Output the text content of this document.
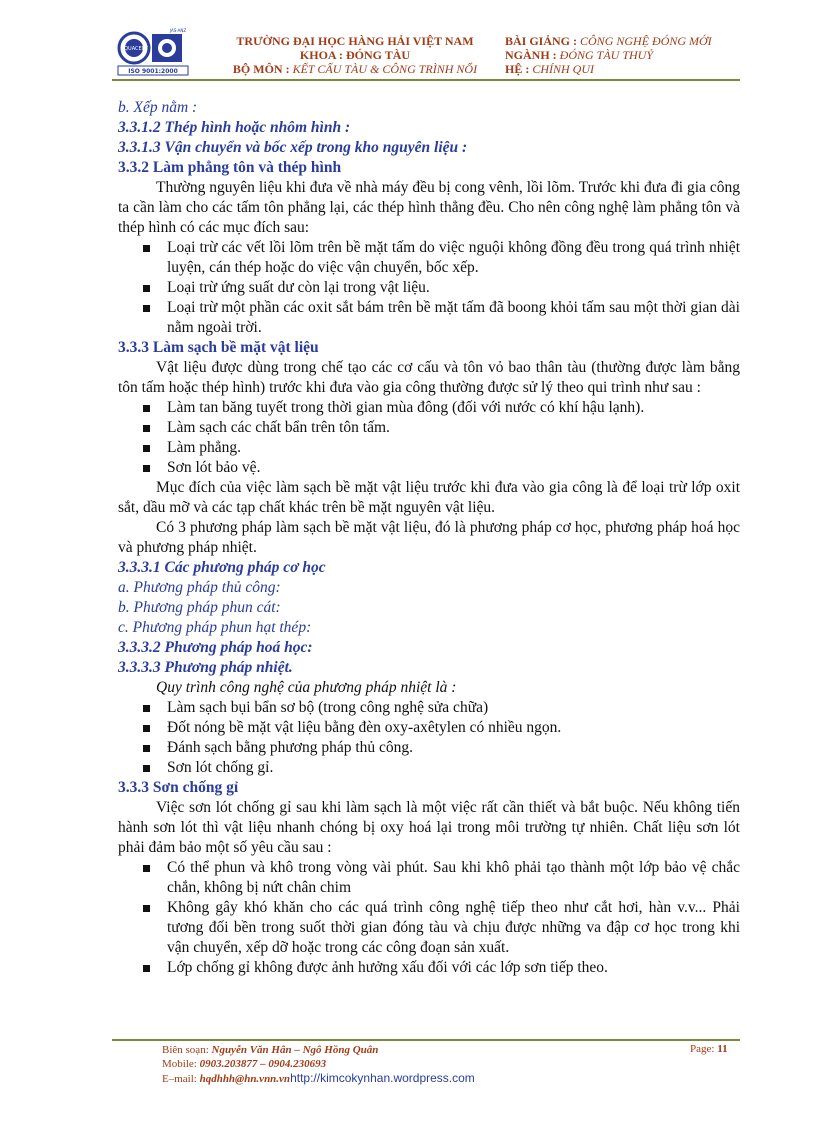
QUACERT
JAS-ANZ
ISO 9001:2000
TRƯỜNG ĐẠI HỌC HÀNG HẢI VIỆT NAM
KHOA : ĐÓNG TÀU
BỘ MÔN : KẾT CẤU TÀU & CÔNG TRÌNH NỔI
BÀI GIẢNG : CÔNG NGHỆ ĐÓNG MỚI
NGÀNH : ĐÓNG TÀU THUỶ
HỆ : CHÍNH QUI

b. Xếp nằm :

3.3.1.2 Thép hình hoặc nhôm hình :

3.3.1.3 Vận chuyển và bốc xếp trong kho nguyên liệu :

3.3.2 Làm phẳng tôn và thép hình

Thường nguyên liệu khi đưa về nhà máy đều bị cong vênh, lồi lõm. Trước khi đưa đi gia công ta cần làm cho các tấm tôn phẳng lại, các thép hình thẳng đều. Cho nên công nghệ làm phẳng tôn và thép hình có các mục đích sau:

Loại trừ các vết lồi lõm trên bề mặt tấm do việc nguội không đồng đều trong quá trình nhiệt luyện, cán thép hoặc do việc vận chuyển, bốc xếp.
Loại trừ ứng suất dư còn lại trong vật liệu.
Loại trừ một phần các oxit sắt bám trên bề mặt tấm đã boong khỏi tấm sau một thời gian dài nằm ngoài trời.

3.3.3 Làm sạch bề mặt vật liệu

Vật liệu được dùng trong chế tạo các cơ cấu và tôn vỏ bao thân tàu (thường được làm bằng tôn tấm hoặc thép hình) trước khi đưa vào gia công thường được sử lý theo qui trình như sau :

Làm tan băng tuyết trong thời gian mùa đông (đối với nước có khí hậu lạnh).
Làm sạch các chất bẩn trên tôn tấm.
Làm phẳng.
Sơn lót bảo vệ.

Mục đích của việc làm sạch bề mặt vật liệu trước khi đưa vào gia công là để loại trừ lớp oxit sắt, dầu mỡ và các tạp chất khác trên bề mặt nguyên vật liệu.

Có 3 phương pháp làm sạch bề mặt vật liệu, đó là phương pháp cơ học, phương pháp hoá học và phương pháp nhiệt.

3.3.3.1 Các phương pháp cơ học

a. Phương pháp thủ công:

b. Phương pháp phun cát:

c. Phương pháp phun hạt thép:

3.3.3.2 Phương pháp hoá học:

3.3.3.3 Phương pháp nhiệt.

Quy trình công nghệ của phương pháp nhiệt là :

Làm sạch bụi bẩn sơ bộ (trong công nghệ sửa chữa)
Đốt nóng bề mặt vật liệu bằng đèn oxy-axêtylen có nhiều ngọn.
Đánh sạch bằng phương pháp thủ công.
Sơn lót chống gỉ.

3.3.3 Sơn chống gỉ

Việc sơn lót chống gỉ sau khi làm sạch là một việc rất cần thiết và bắt buộc. Nếu không tiến hành sơn lót thì vật liệu nhanh chóng bị oxy hoá lại trong môi trường tự nhiên. Chất liệu sơn lót phải đảm bảo một số yêu cầu sau :

Có thể phun và khô trong vòng vài phút. Sau khi khô phải tạo thành một lớp bảo vệ chắc chắn, không bị nứt chân chim
Không gây khó khăn cho các quá trình công nghệ tiếp theo như cắt hơi, hàn v.v... Phải tương đối bền trong suốt thời gian đóng tàu và chịu được những va đập cơ học trong khi vận chuyển, xếp dỡ hoặc trong các công đoạn sản xuất.
Lớp chống gỉ không được ảnh hưởng xấu đối với các lớp sơn tiếp theo.
Biên soạn: Nguyễn Văn Hân – Ngô Hồng Quân
Mobile: 0903.203877 – 0904.230693
E–mail: hqdhhh@hn.vnn.vnhttp://kimcokynhan.wordpress.com
Page: 11
